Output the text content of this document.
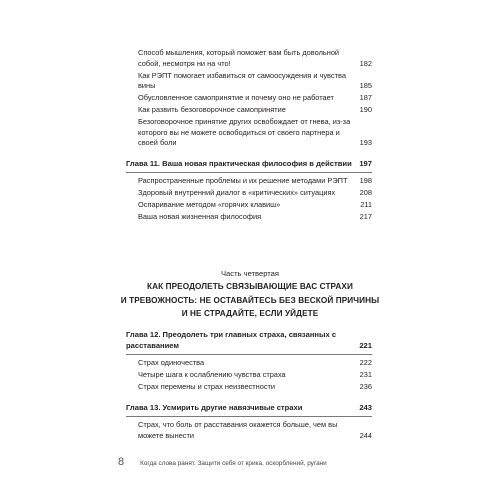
Способ мышления, который поможет вам быть довольной собой, несмотря ни на что!	182
Как РЭПТ помогает избавиться от самоосуждения и чувства вины	185
Обусловленное самопринятие и почему оно не работает	187
Как развить безоговорочное самопринятие	190
Безоговорочное принятие других освобождает от гнева, из-за которого вы не можете освободиться от своего партнера и своей боли	193
Глава 11. Ваша новая практическая философия в действии 197
Распространенные проблемы и их решение методами РЭПТ	198
Здоровый внутренний диалог в «критических» ситуациях	208
Оспаривание методом «горячих клавиш»	211
Ваша новая жизненная философия	217
Часть четвертая
КАК ПРЕОДОЛЕТЬ СВЯЗЫВАЮЩИЕ ВАС СТРАХИ
И ТРЕВОЖНОСТЬ: НЕ ОСТАВАЙТЕСЬ БЕЗ ВЕСКОЙ ПРИЧИНЫ
И НЕ СТРАДАЙТЕ, ЕСЛИ УЙДЕТЕ
Глава 12. Преодолеть три главных страха, связанных с расставанием	221
Страх одиночества	222
Четыре шага к ослаблению чувства страха	231
Страх перемены и страх неизвестности	236
Глава 13. Усмирить другие навязчивые страхи	243
Страх, что боль от расставания окажется больше, чем вы можете вынести	244
8	Когда слова ранят. Защити себя от крика, оскорблений, ругани
